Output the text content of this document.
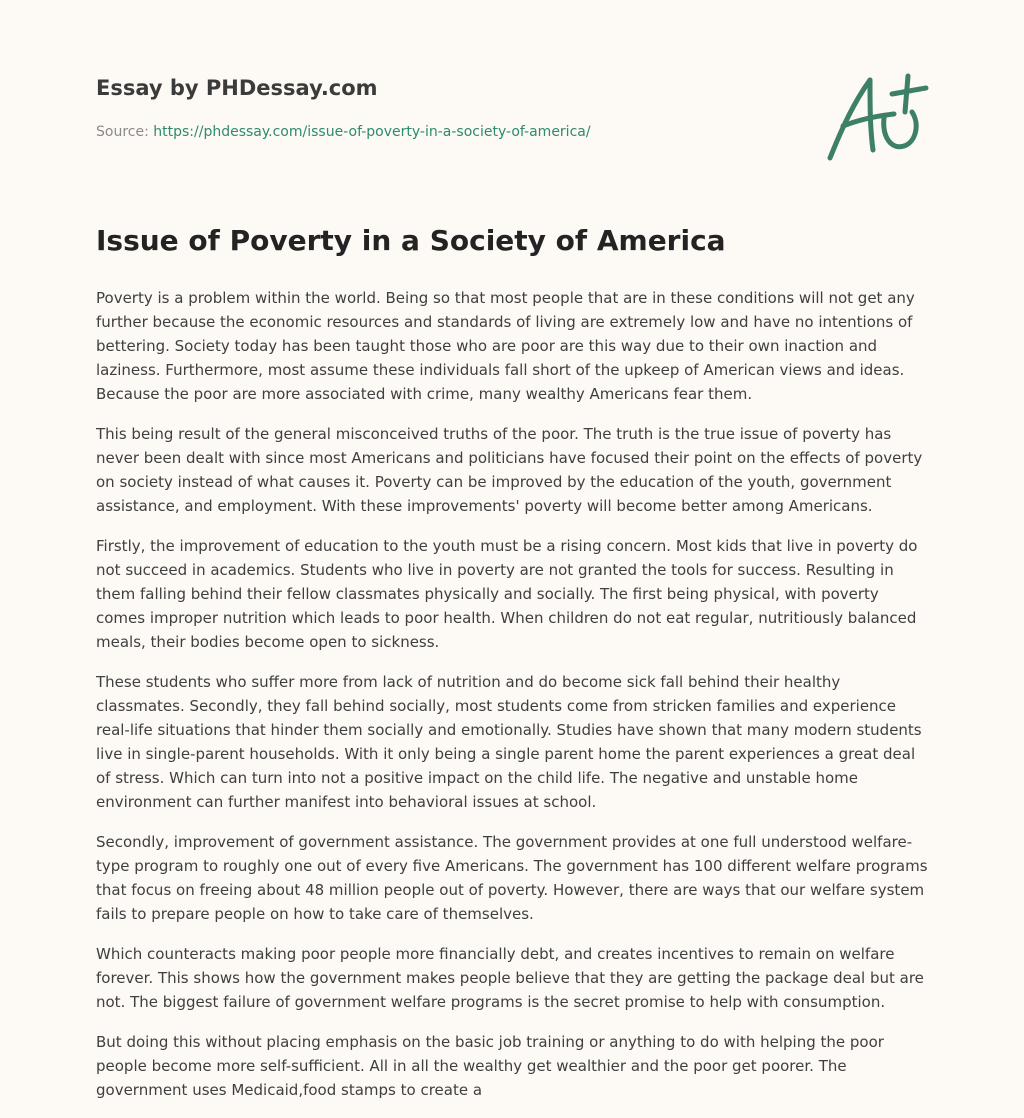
Essay by PHDessay.com
Source: https://phdessay.com/issue-of-poverty-in-a-society-of-america/
Issue of Poverty in a Society of America

Poverty is a problem within the world. Being so that most people that are in these conditions will not get any further because the economic resources and standards of living are extremely low and have no intentions of bettering. Society today has been taught those who are poor are this way due to their own inaction and laziness. Furthermore, most assume these individuals fall short of the upkeep of American views and ideas. Because the poor are more associated with crime, many wealthy Americans fear them.

This being result of the general misconceived truths of the poor. The truth is the true issue of poverty has never been dealt with since most Americans and politicians have focused their point on the effects of poverty on society instead of what causes it. Poverty can be improved by the education of the youth, government assistance, and employment. With these improvements' poverty will become better among Americans.

Firstly, the improvement of education to the youth must be a rising concern. Most kids that live in poverty do not succeed in academics. Students who live in poverty are not granted the tools for success. Resulting in them falling behind their fellow classmates physically and socially. The first being physical, with poverty comes improper nutrition which leads to poor health. When children do not eat regular, nutritiously balanced meals, their bodies become open to sickness.

These students who suffer more from lack of nutrition and do become sick fall behind their healthy classmates. Secondly, they fall behind socially, most students come from stricken families and experience real-life situations that hinder them socially and emotionally. Studies have shown that many modern students live in single-parent households. With it only being a single parent home the parent experiences a great deal of stress. Which can turn into not a positive impact on the child life. The negative and unstable home environment can further manifest into behavioral issues at school.

Secondly, improvement of government assistance. The government provides at one full understood welfare-type program to roughly one out of every five Americans. The government has 100 different welfare programs that focus on freeing about 48 million people out of poverty. However, there are ways that our welfare system fails to prepare people on how to take care of themselves.

Which counteracts making poor people more financially debt, and creates incentives to remain on welfare forever. This shows how the government makes people believe that they are getting the package deal but are not. The biggest failure of government welfare programs is the secret promise to help with consumption.

But doing this without placing emphasis on the basic job training or anything to do with helping the poor people become more self-sufficient. All in all the wealthy get wealthier and the poor get poorer. The government uses Medicaid,food stamps to create a
